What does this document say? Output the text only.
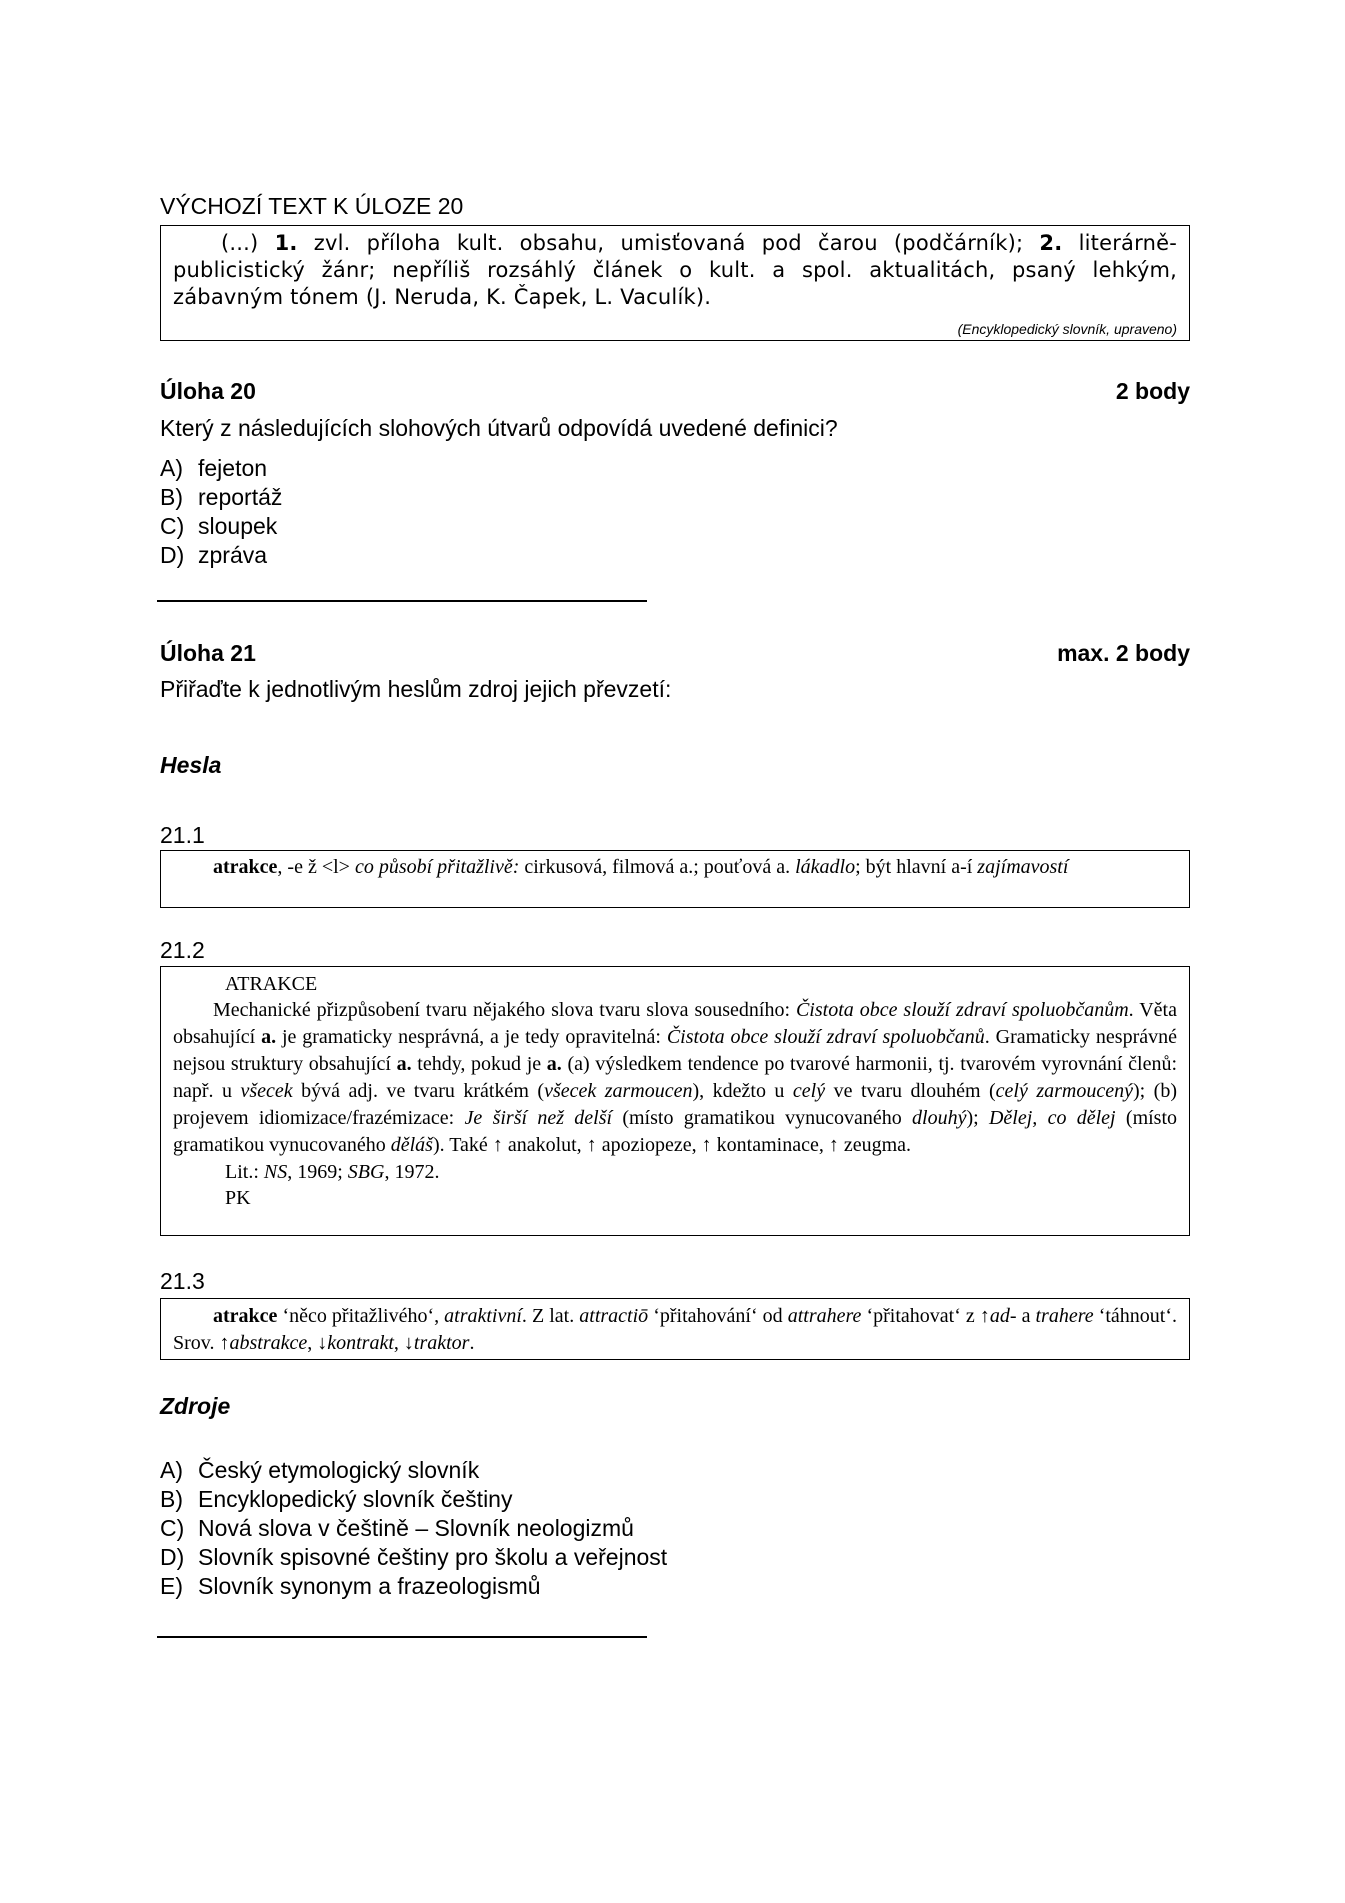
VÝCHOZÍ TEXT K ÚLOZE 20
(...) 1. zvl. příloha kult. obsahu, umisťovaná pod čarou (podčárník); 2. literárně-publicistický žánr; nepříliš rozsáhlý článek o kult. a spol. aktualitách, psaný lehkým, zábavným tónem (J. Neruda, K. Čapek, L. Vaculík).
(Encyklopedický slovník, upraveno)
Úloha 20	2 body
Který z následujících slohových útvarů odpovídá uvedené definici?
A) fejeton
B) reportáž
C) sloupek
D) zpráva
Úloha 21	max. 2 body
Přiřaďte k jednotlivým heslům zdroj jejich převzetí:
Hesla
21.1
atrakce, -e ž <l> co působí přitažlivě: cirkusová, filmová a.; pouťová a. lákadlo; být hlavní a-í zajímavostí
21.2
ATRAKCE
Mechanické přizpůsobení tvaru nějakého slova tvaru slova sousedního: Čistota obce slouží zdraví spoluobčanům. Věta obsahující a. je gramaticky nesprávná, a je tedy opravitelná: Čistota obce slouží zdraví spoluobčanů. Gramaticky nesprávné nejsou struktury obsahující a. tehdy, pokud je a. (a) výsledkem tendence po tvarové harmonii, tj. tvarovém vyrovnání členů: např. u všecek bývá adj. ve tvaru krátkém (všecek zarmoucen), kdežto u celý ve tvaru dlouhém (celý zarmoucený); (b) projevem idiomizace/frazémizace: Je širší než delší (místo gramatikou vynucovaného dlouhý); Dělej, co dělej (místo gramatikou vynucovaného děláš). Také ↑ anakolut, ↑ apoziopeze, ↑ kontaminace, ↑ zeugma.
Lit.: NS, 1969; SBG, 1972.
PK
21.3
atrakce ʻněco přitažlivého‘, atraktivní. Z lat. attractiō ʻpřitahování‘ od attrahere ʻpřitahovat‘ z ↑ad- a trahere ʻtáhnout‘. Srov. ↑abstrakce, ↓kontrakt, ↓traktor.
Zdroje
A) Český etymologický slovník
B) Encyklopedický slovník češtiny
C) Nová slova v češtině – Slovník neologizmů
D) Slovník spisovné češtiny pro školu a veřejnost
E) Slovník synonym a frazeologismů
